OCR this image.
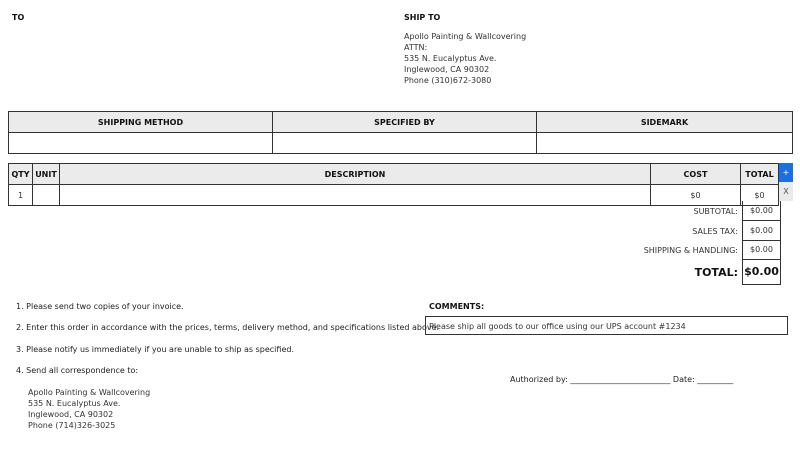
TO	SHIP TO
Apollo Painting & Wallcovering
ATTN:
535 N. Eucalyptus Ave.
Inglewood, CA 90302
Phone (310)672-3080
SHIPPING METHOD	SPECIFIED BY	SIDEMARK

QTY	UNIT	DESCRIPTION	COST	TOTAL
1			$0	$0
+
X
SUBTOTAL:	$0.00
SALES TAX:	$0.00
SHIPPING & HANDLING:	$0.00
TOTAL: $0.00
1. Please send two copies of your invoice.
2. Enter this order in accordance with the prices, terms, delivery method, and specifications listed above.
3. Please notify us immediately if you are unable to ship as specified.
4. Send all correspondence to:
Apollo Painting & Wallcovering
535 N. Eucalyptus Ave.
Inglewood, CA 90302
Phone (714)326-3025
COMMENTS:
Please ship all goods to our office using our UPS account #1234
Authorized by: _________________________ Date: _________
